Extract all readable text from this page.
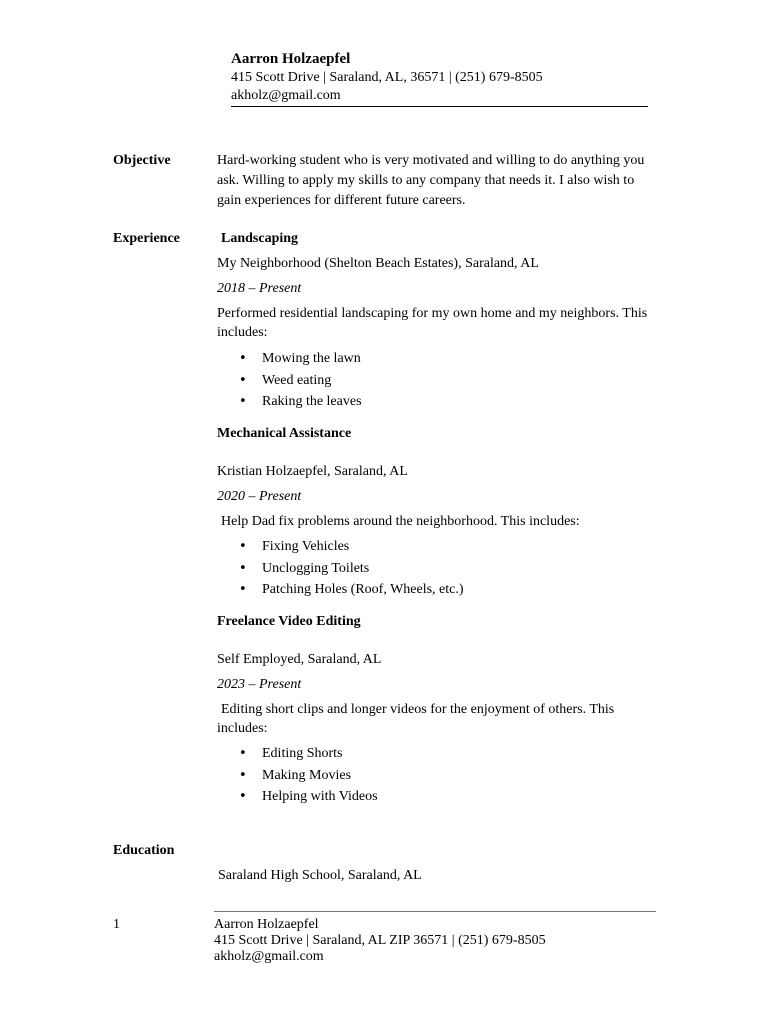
Aarron Holzaepfel
415 Scott Drive | Saraland, AL, 36571 | (251) 679-8505
akholz@gmail.com
Objective	Hard-working student who is very motivated and willing to do anything you
ask. Willing to apply my skills to any company that needs it. I also wish to
gain experiences for different future careers.
Experience	Landscaping
My Neighborhood (Shelton Beach Estates), Saraland, AL
2018 – Present
Performed residential landscaping for my own home and my neighbors. This
includes:
• Mowing the lawn
• Weed eating
• Raking the leaves
Mechanical Assistance
Kristian Holzaepfel, Saraland, AL
2020 – Present
Help Dad fix problems around the neighborhood. This includes:
• Fixing Vehicles
• Unclogging Toilets
• Patching Holes (Roof, Wheels, etc.)
Freelance Video Editing
Self Employed, Saraland, AL
2023 – Present
Editing short clips and longer videos for the enjoyment of others. This
includes:
• Editing Shorts
• Making Movies
• Helping with Videos
Education
Saraland High School, Saraland, AL
1	Aarron Holzaepfel
415 Scott Drive | Saraland, AL ZIP 36571 | (251) 679-8505
akholz@gmail.com
